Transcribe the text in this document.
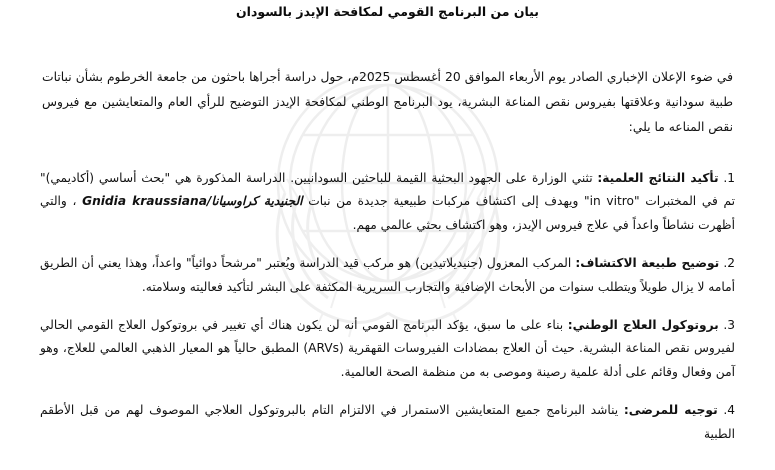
بيان من البرنامج القومي لمكافحة الإيدز بالسودان

في ضوء الإعلان الإخباري الصادر يوم الأربعاء الموافق 20 أغسطس 2025م، حول دراسة أجراها باحثون من جامعة الخرطوم بشأن نباتات طبية سودانية وعلاقتها بفيروس نقص المناعة البشرية، يود البرنامج الوطني لمكافحة الإيدز التوضيح للرأي العام والمتعايشين مع فيروس نقص المناعه ما يلي:

1. تأكيد النتائج العلمية: تثني الوزارة على الجهود البحثية القيمة للباحثين السودانيين. الدراسة المذكورة هي "بحث أساسي (أكاديمي)" تم في المختبرات "in vitro" ويهدف إلى اكتشاف مركبات طبيعية جديدة من نبات الجنيدية كراوسيانا/Gnidia kraussiana ، والتي أظهرت نشاطاً واعداً في علاج فيروس الإيدز، وهو اكتشاف بحثي عالمي مهم.

2. توضيح طبيعة الاكتشاف: المركب المعزول (جنيديلاتيدين) هو مركب قيد الدراسة ويُعتبر "مرشحاً دوائياً" واعداً، وهذا يعني أن الطريق أمامه لا يزال طويلاً ويتطلب سنوات من الأبحاث الإضافية والتجارب السريرية المكثفة على البشر لتأكيد فعاليته وسلامته.

3. بروتوكول العلاج الوطني: بناء على ما سبق، يؤكد البرنامج القومي أنه لن يكون هناك أي تغيير في بروتوكول العلاج القومي الحالي لفيروس نقص المناعة البشرية. حيث أن العلاج بمضادات الفيروسات القهقرية (ARVs) المطبق حالياً هو المعيار الذهبي العالمي للعلاج، وهو آمن وفعال وقائم على أدلة علمية رصينة وموصى به من منظمة الصحة العالمية.

4. توجيه للمرضى: يناشد البرنامج جميع المتعايشين الاستمرار في الالتزام التام بالبروتوكول العلاجي الموصوف لهم من قبل الأطقم الطبية
